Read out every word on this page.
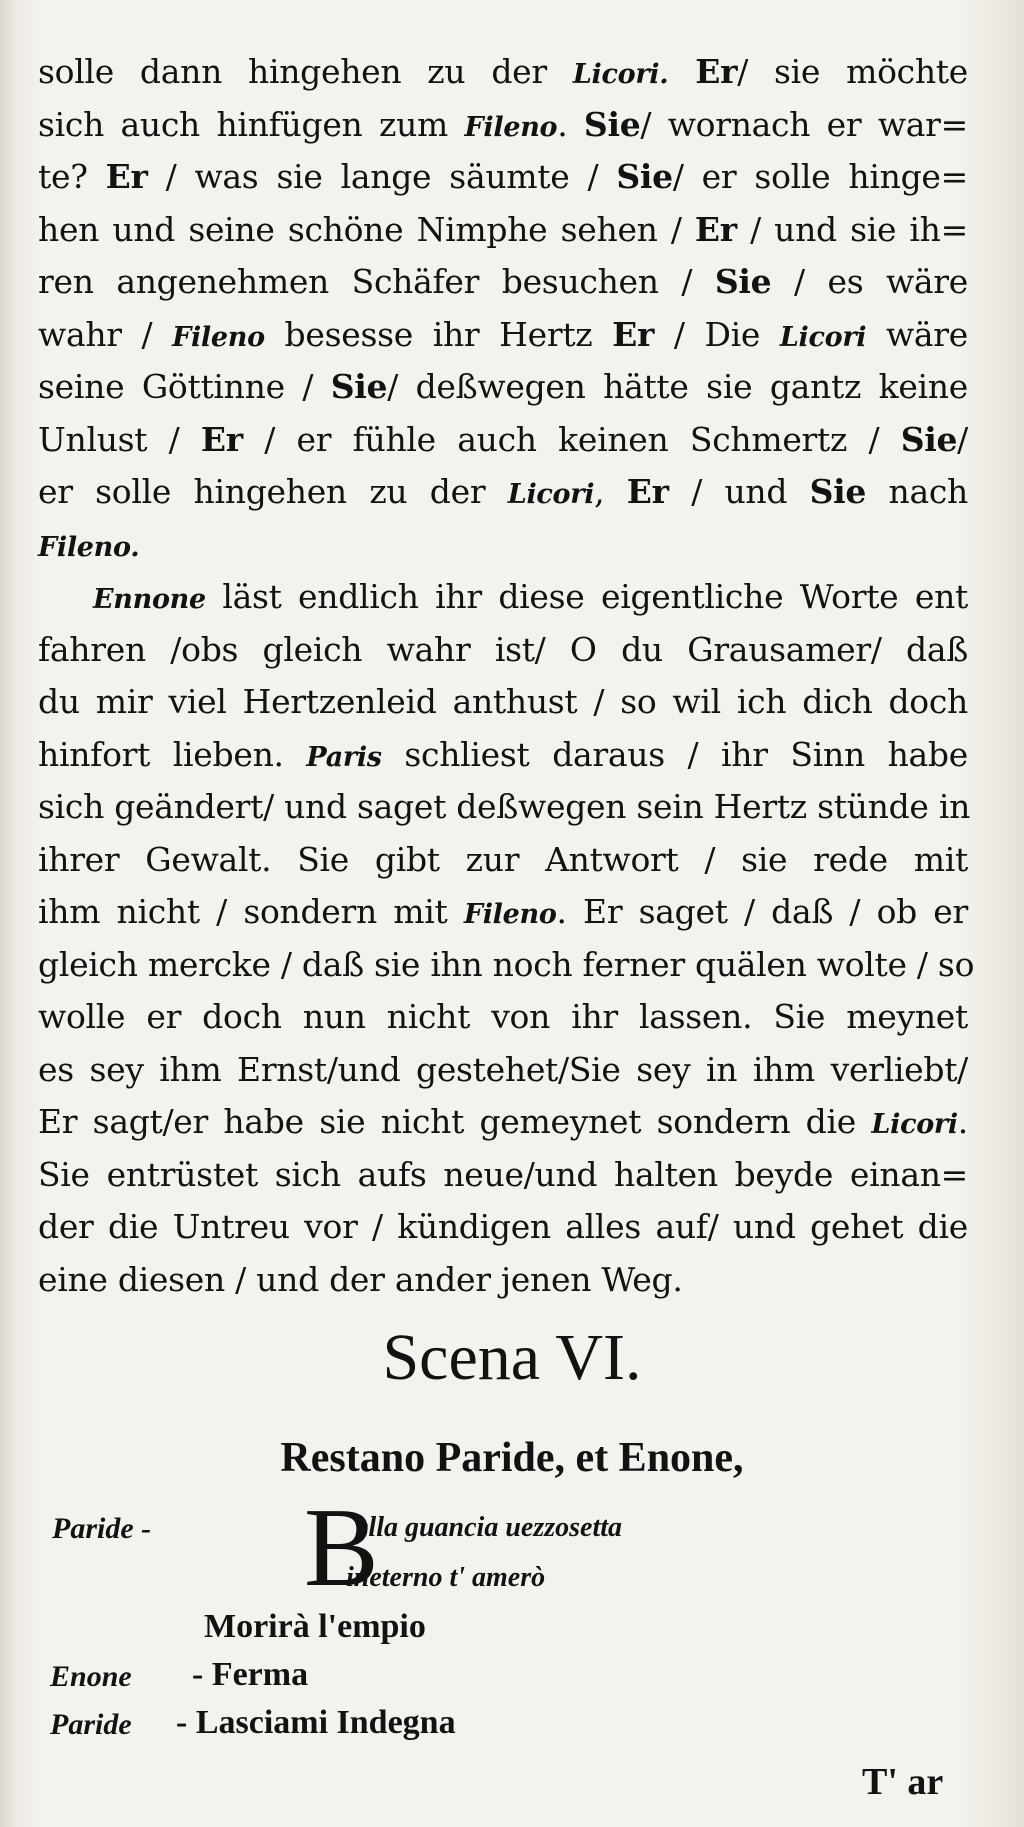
solle dann hingehen zu der Licori. Er/ sie möchte
sich auch hinfügen zum Fileno. Sie/ wornach er war=
te? Er / was sie lange säumte / Sie/ er solle hinge=
hen und seine schöne Nimphe sehen / Er / und sie ih=
ren angenehmen Schäfer besuchen / Sie / es wäre
wahr / Fileno besesse ihr Hertz Er / Die Licori wäre
seine Göttinne / Sie/ deßwegen hätte sie gantz keine
Unlust / Er / er fühle auch keinen Schmertz / Sie/
er solle hingehen zu der Licori, Er / und Sie nach
Fileno.
Ennone läst endlich ihr diese eigentliche Worte ent
fahren /obs gleich wahr ist/ O du Grausamer/ daß
du mir viel Hertzenleid anthust / so wil ich dich doch
hinfort lieben. Paris schliest daraus / ihr Sinn habe
sich geändert/ und saget deßwegen sein Hertz stünde in
ihrer Gewalt. Sie gibt zur Antwort / sie rede mit
ihm nicht / sondern mit Fileno. Er saget / daß / ob er
gleich mercke / daß sie ihn noch ferner quälen wolte / so
wolle er doch nun nicht von ihr lassen. Sie meynet
es sey ihm Ernst/und gestehet/Sie sey in ihm verliebt/
Er sagt/er habe sie nicht gemeynet sondern die Licori.
Sie entrüstet sich aufs neue/und halten beyde einan=
der die Untreu vor / kündigen alles auf/ und gehet die
eine diesen / und der ander jenen Weg.
Scena VI.
Restano Paride, et Enone,
Paride - B
ella guancia uezzosetta
ineterno t' amerò
Morirà l'empio
Enone - Ferma
Paride - Lasciami Indegna
T' ar
